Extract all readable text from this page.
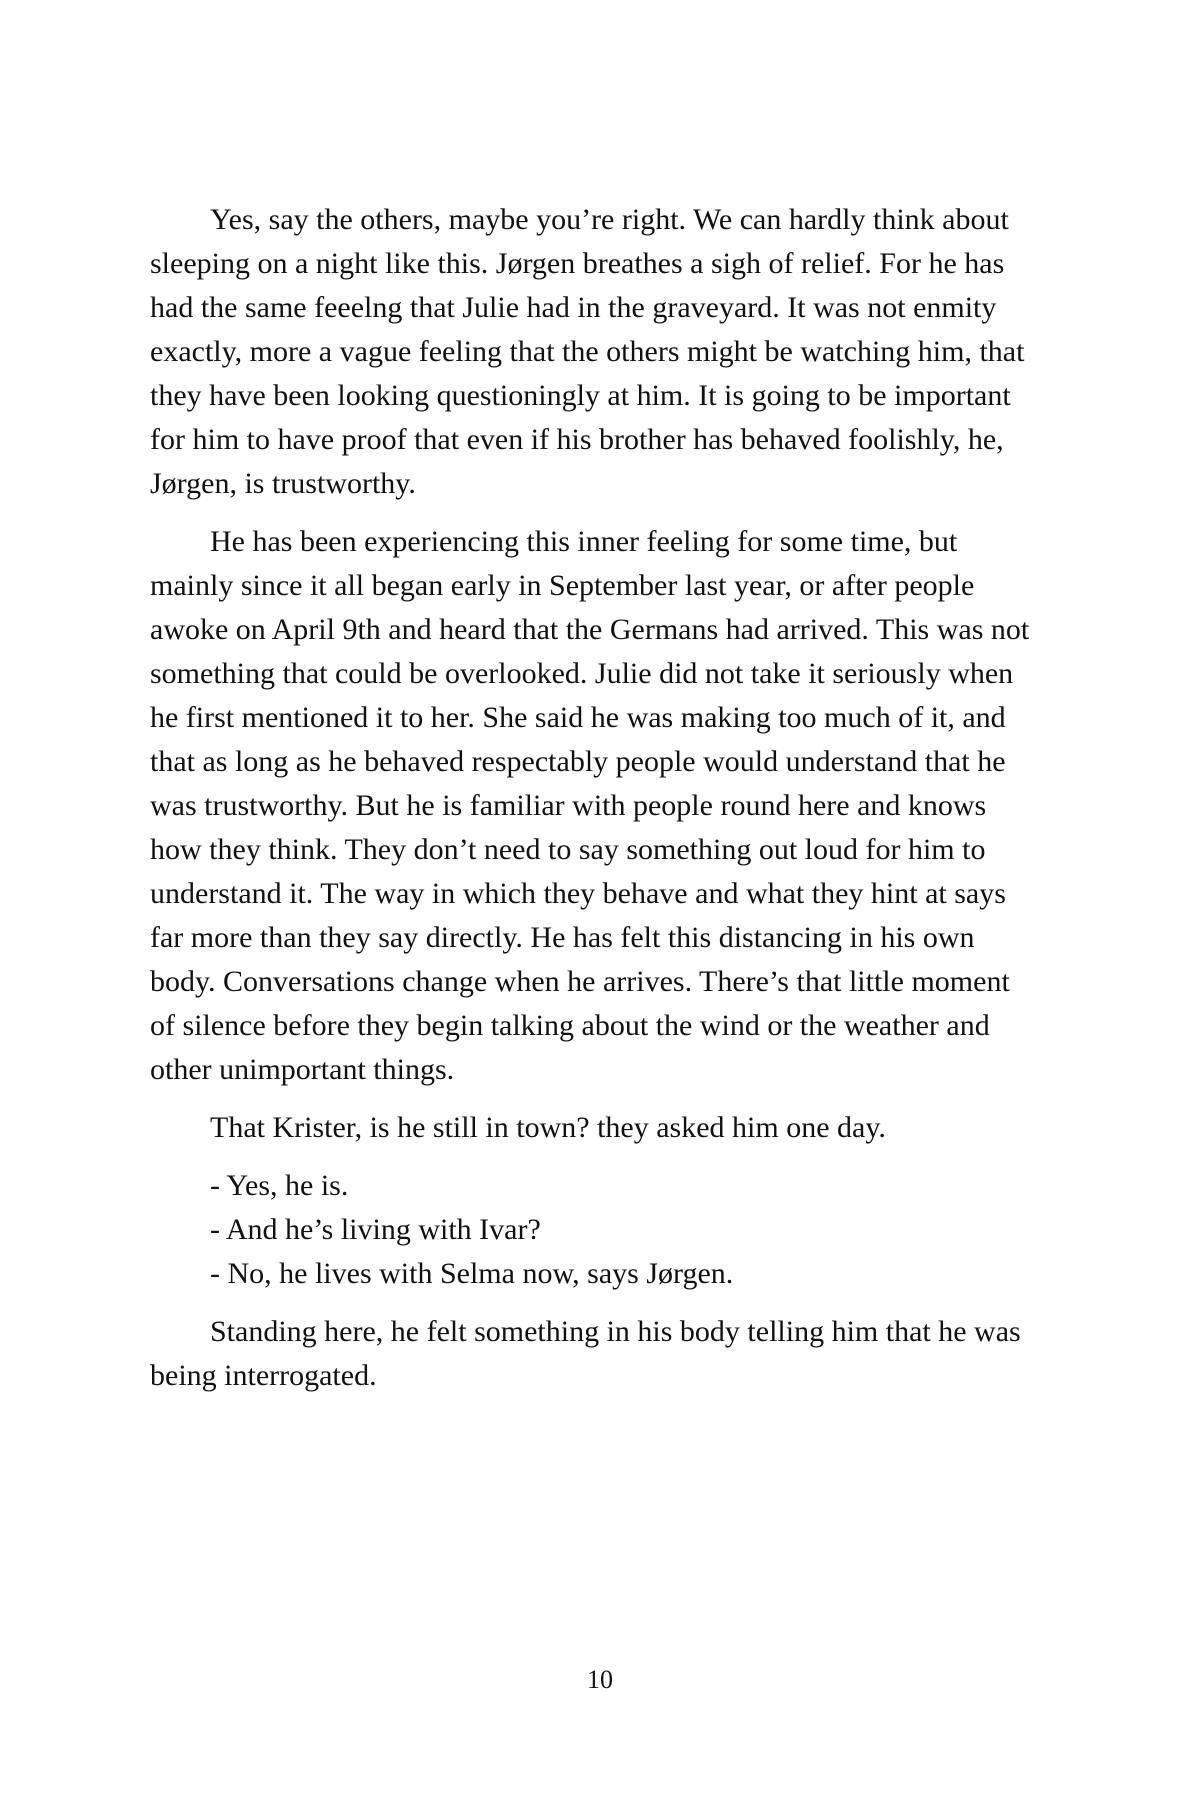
Yes, say the others, maybe you’re right. We can hardly think about sleeping on a night like this. Jørgen breathes a sigh of relief. For he has had the same feeelng that Julie had in the graveyard. It was not enmity exactly, more a vague feeling that the others might be watching him, that they have been looking questioningly at him. It is going to be important for him to have proof that even if his brother has behaved foolishly, he, Jørgen, is trustworthy.

He has been experiencing this inner feeling for some time, but mainly since it all began early in September last year, or after people awoke on April 9th and heard that the Germans had arrived. This was not something that could be overlooked. Julie did not take it seriously when he first mentioned it to her. She said he was making too much of it, and that as long as he behaved respectably people would understand that he was trustworthy. But he is familiar with people round here and knows how they think. They don’t need to say something out loud for him to understand it. The way in which they behave and what they hint at says far more than they say directly. He has felt this distancing in his own body. Conversations change when he arrives. There’s that little moment of silence before they begin talking about the wind or the weather and other unimportant things.

That Krister, is he still in town? they asked him one day.

- Yes, he is.
- And he’s living with Ivar?
- No, he lives with Selma now, says Jørgen.

Standing here, he felt something in his body telling him that he was being interrogated.

10
